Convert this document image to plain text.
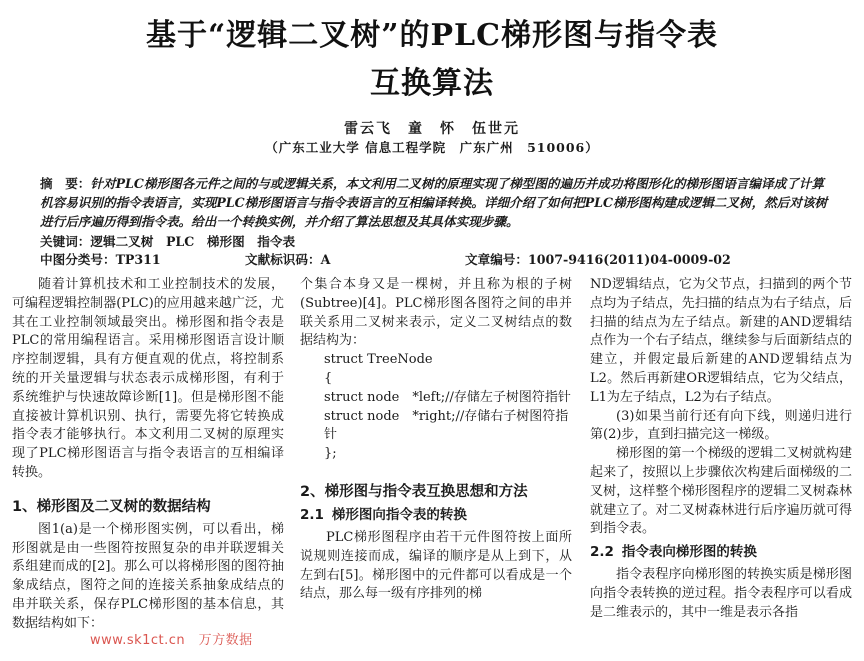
基于“逻辑二叉树”的PLC梯形图与指令表
互换算法
雷云飞　童　怀　伍世元
（广东工业大学 信息工程学院　广东广州　510006）
摘　要：针对PLC梯形图各元件之间的与或逻辑关系，本文利用二叉树的原理实现了梯型图的遍历并成功将图形化的梯形图语言编译成了计算机容易识别的指令表语言，实现PLC梯形图语言与指令表语言的互相编译转换。详细介绍了如何把PLC梯形图构建成逻辑二叉树，然后对该树进行后序遍历得到指令表。给出一个转换实例，并介绍了算法思想及其具体实现步骤。
关键词：逻辑二叉树　PLC　梯形图　指令表
中图分类号：TP311	文献标识码：A	文章编号：1007-9416(2011)04-0009-02

随着计算机技术和工业控制技术的发展，可编程逻辑控制器(PLC)的应用越来越广泛，尤其在工业控制领域最突出。梯形图和指令表是PLC的常用编程语言。采用梯形图语言设计顺序控制逻辑，具有方便直观的优点，将控制系统的开关量逻辑与状态表示成梯形图，有利于系统维护与快速故障诊断[1]。但是梯形图不能直接被计算机识别、执行，需要先将它转换成指令表才能够执行。本文利用二叉树的原理实现了PLC梯形图语言与指令表语言的互相编译转换。

1、梯形图及二叉树的数据结构

图1(a)是一个梯形图实例，可以看出，梯形图就是由一些图符按照复杂的串并联逻辑关系组建而成的[2]。那么可以将梯形图的图符抽象成结点，图符之间的连接关系抽象成结点的串并联关系，保存PLC梯形图的基本信息，其数据结构如下：

个集合本身又是一棵树，并且称为根的子树(Subtree)[4]。PLC梯形图各图符之间的串并联关系用二叉树来表示，定义二叉树结点的数据结构为：

struct TreeNode
{
struct node　*left;//存储左子树图符指针
struct node　*right;//存储右子树图符指针
};
2、梯形图与指令表互换思想和方法
2.1 梯形图向指令表的转换

PLC梯形图程序由若干元件图符按上面所说规则连接而成，编译的顺序是从上到下，从左到右[5]。梯形图中的元件都可以看成是一个结点，那么每一级有序排列的梯

ND逻辑结点，它为父节点，扫描到的两个节点均为子结点，先扫描的结点为右子结点，后扫描的结点为左子结点。新建的AND逻辑结点作为一个右子结点，继续参与后面新结点的建立，并假定最后新建的AND逻辑结点为L2。然后再新建OR逻辑结点，它为父结点，L1为左子结点，L2为右子结点。

(3)如果当前行还有向下线，则递归进行第(2)步，直到扫描完这一梯级。

梯形图的第一个梯级的逻辑二叉树就构建起来了，按照以上步骤依次构建后面梯级的二叉树，这样整个梯形图程序的逻辑二叉树森林就建立了。对二叉树森林进行后序遍历就可得到指令表。

2.2 指令表向梯形图的转换

指令表程序向梯形图的转换实质是梯形图向指令表转换的逆过程。指令表程序可以看成是二维表示的，其中一维是表示各指

www.sk1ct.cn　万方数据
